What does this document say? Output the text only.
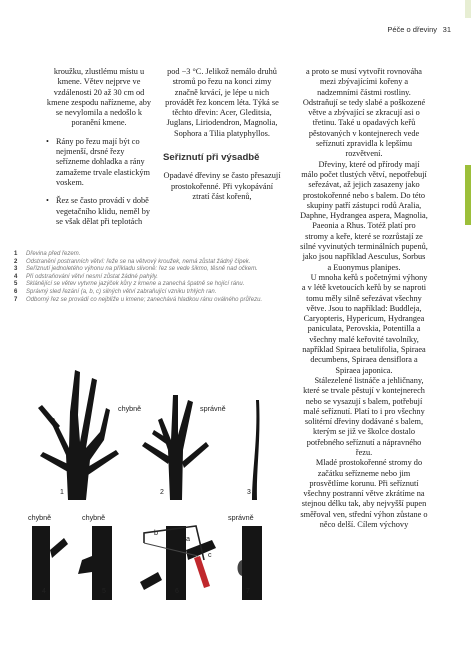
Péče o dřeviny 31

kroužku, zlustlému místu u kmene. Větev nejprve ve vzdálenosti 20 až 30 cm od kmene zespodu nařízneme, aby se nevylomila a nedošlo k poranění kmene.

• Rány po řezu mají být co nejmenší, drsné řezy seřízneme dohladka a rány zamažeme trvale elastickým voskem.

• Řez se často provádí v době vegetačního klidu, neměl by se však dělat při teplotách

pod −3 °C. Jelikož nemálo druhů stromů po řezu na konci zimy značně krvácí, je lépe u nich provádět řez koncem léta. Týká se těchto dřevin: Acer, Gleditsia, Juglans, Liriodendron, Magnolia, Sophora a Tilia platyphyllos.

Seřiznutí při výsadbě

Opadavé dřeviny se často přesazují prostokořenné. Při vykopávání ztratí část kořenů,

a proto se musí vytvořit rovnováha mezi zbývajícími kořeny a nadzemními částmi rostliny. Odstraňují se tedy slabé a poškozené větve a zbývající se zkracují asi o třetinu. Také u opadavých keřů pěstovaných v kontejnerech vede seříznutí zpravidla k lepšímu rozvětvení.

Dřeviny, které od přírody mají málo počet tlustých větví, nepotřebují seřezávat, až jejich zasazeny jako prostokořenné nebo s balem. Do této skupiny patří zástupci rodů Aralia, Daphne, Hydrangea aspera, Magnolia, Paeonia a Rhus. Totéž platí pro stromy a keře, které se rozrůstají ze silné vyvinutých terminálních pupenů, jako jsou například Aesculus, Sorbus a Euonymus planipes.

U mnoha keřů s početnými výhony a v létě kvetoucích keřů by se naproti tomu měly silně seřezávat všechny větve. Jsou to například: Buddleja, Caryopteris, Hypericum, Hydrangea paniculata, Perovskia, Potentilla a všechny malé keřovité tavolníky, například Spiraea betulifolia, Spiraea decumbens, Spiraea densiflora a Spiraea japonica.

Stálezelené listnáče a jehličnany, které se trvale pěstují v kontejnerech nebo se vysazují s balem, potřebují malé seříznutí. Platí to i pro všechny solitérní dřeviny dodávané s balem, kterým se již ve školce dostalo potřebného seříznutí a nápravného řezu.

Mladé prostokořenné stromy do začátku seřízneme nebo jim prosvětlíme korunu. Při seříznutí všechny postranní větve zkrátíme na stejnou délku tak, aby nejvyšší pupen směřoval ven, střední výhon zůstane o něco delší. Cílem výchovy

1	Dřevina před řezem.
2	Odstranění postranních větví: řeže se na větvový kroužek, nemá zůstat žádný čípek.
3	Seříznutí jednoletého výhonu na příkladu slivoně: řez se vede šikmo, těsně nad očkem.
4	Při odstraňování větví nesmí zůstat žádné pahýly.
5	Sklánějící se větev vytvrne jazýček kůry z kmene a zanechá špatně se hojící ránu.
6	Správný sled řezání (a, b, c) silných větví zabraňující vzniku trhlých ran.
7	Odborný řez se provádí co nejblíže u kmene; zanechává hladkou ránu oválného průřezu.
chybně	správně
chybně	chybně	správně
a
b
c
1	2	3
4	5	6	7
